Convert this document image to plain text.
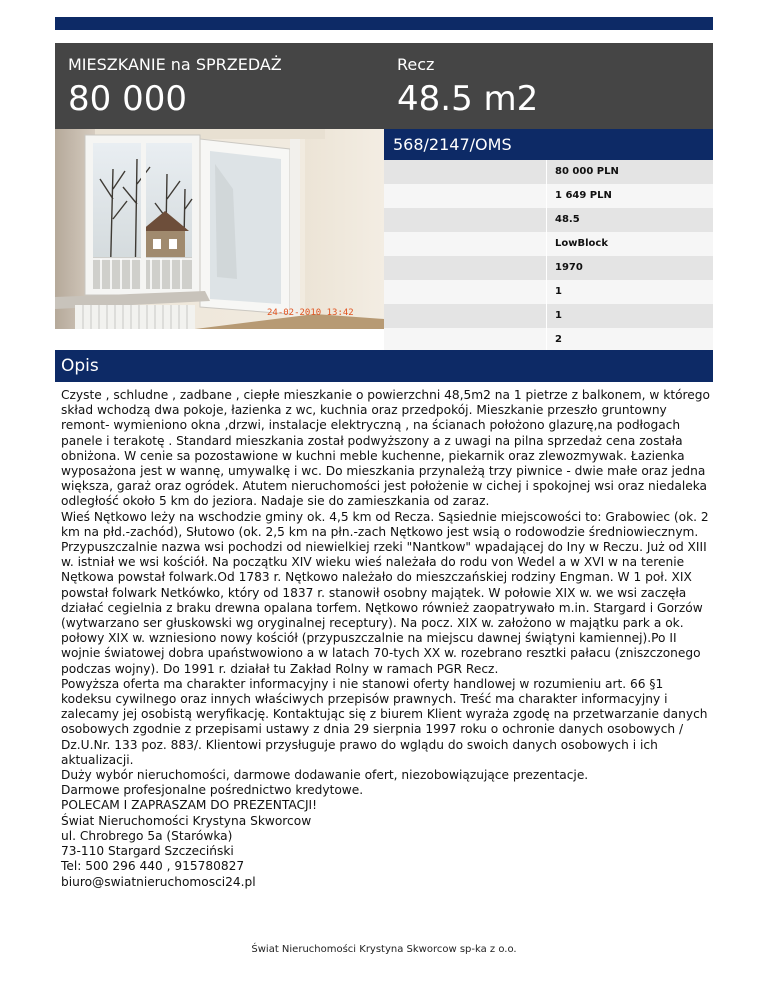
MIESZKANIE na SPRZEDAŻ
80 000
Recz
48.5 m2
24-02-2010 13:42
568/2147/OMS
80 000 PLN
1 649 PLN
48.5
LowBlock
1970
1
1
2
Opis

Czyste , schludne , zadbane , ciepłe mieszkanie o powierzchni 48,5m2 na 1 pietrze z balkonem, w którego skład wchodzą dwa pokoje, łazienka z wc, kuchnia oraz przedpokój. Mieszkanie przeszło gruntowny remont- wymieniono okna ,drzwi, instalacje elektryczną , na ścianach położono glazurę,na podłogach panele i terakotę . Standard mieszkania został podwyższony a z uwagi na pilna sprzedaż cena została obniżona. W cenie sa pozostawione w kuchni meble kuchenne, piekarnik oraz zlewozmywak. Łazienka wyposażona jest w wannę, umywalkę i wc. Do mieszkania przynależą trzy piwnice - dwie małe oraz jedna większa, garaż oraz ogródek. Atutem nieruchomości jest położenie w cichej i spokojnej wsi oraz niedaleka odległość około 5 km do jeziora. Nadaje sie do zamieszkania od zaraz.

Wieś Nętkowo leży na wschodzie gminy ok. 4,5 km od Recza. Sąsiednie miejscowości to: Grabowiec (ok. 2 km na płd.-zachód), Słutowo (ok. 2,5 km na płn.-zach Nętkowo jest wsią o rodowodzie średniowiecznym. Przypuszczalnie nazwa wsi pochodzi od niewielkiej rzeki "Nantkow" wpadającej do Iny w Reczu. Już od XIII w. istniał we wsi kościół. Na początku XIV wieku wieś należała do rodu von Wedel a w XVI w na terenie Nętkowa powstał folwark.Od 1783 r. Nętkowo należało do mieszczańskiej rodziny Engman. W 1 poł. XIX powstał folwark Netkówko, który od 1837 r. stanowił osobny majątek. W połowie XIX w. we wsi zaczęła działać cegielnia z braku drewna opalana torfem. Nętkowo również zaopatrywało m.in. Stargard i Gorzów (wytwarzano ser głuskowski wg oryginalnej receptury). Na pocz. XIX w. założono w majątku park a ok. połowy XIX w. wzniesiono nowy kościół (przypuszczalnie na miejscu dawnej świątyni kamiennej).Po II wojnie światowej dobra upaństwowiono a w latach 70-tych XX w. rozebrano resztki pałacu (zniszczonego podczas wojny). Do 1991 r. działał tu Zakład Rolny w ramach PGR Recz.

Powyższa oferta ma charakter informacyjny i nie stanowi oferty handlowej w rozumieniu art. 66 §1 kodeksu cywilnego oraz innych właściwych przepisów prawnych. Treść ma charakter informacyjny i zalecamy jej osobistą weryfikację. Kontaktując się z biurem Klient wyraża zgodę na przetwarzanie danych osobowych zgodnie z przepisami ustawy z dnia 29 sierpnia 1997 roku o ochronie danych osobowych / Dz.U.Nr. 133 poz. 883/. Klientowi przysługuje prawo do wglądu do swoich danych osobowych i ich aktualizacji.

Duży wybór nieruchomości, darmowe dodawanie ofert, niezobowiązujące prezentacje.

Darmowe profesjonalne pośrednictwo kredytowe.

POLECAM I ZAPRASZAM DO PREZENTACJI!

Świat Nieruchomości Krystyna Skworcow

ul. Chrobrego 5a (Starówka)

73-110 Stargard Szczeciński

Tel: 500 296 440 , 915780827

biuro@swiatnieruchomosci24.pl

Świat Nieruchomości Krystyna Skworcow sp-ka z o.o.
